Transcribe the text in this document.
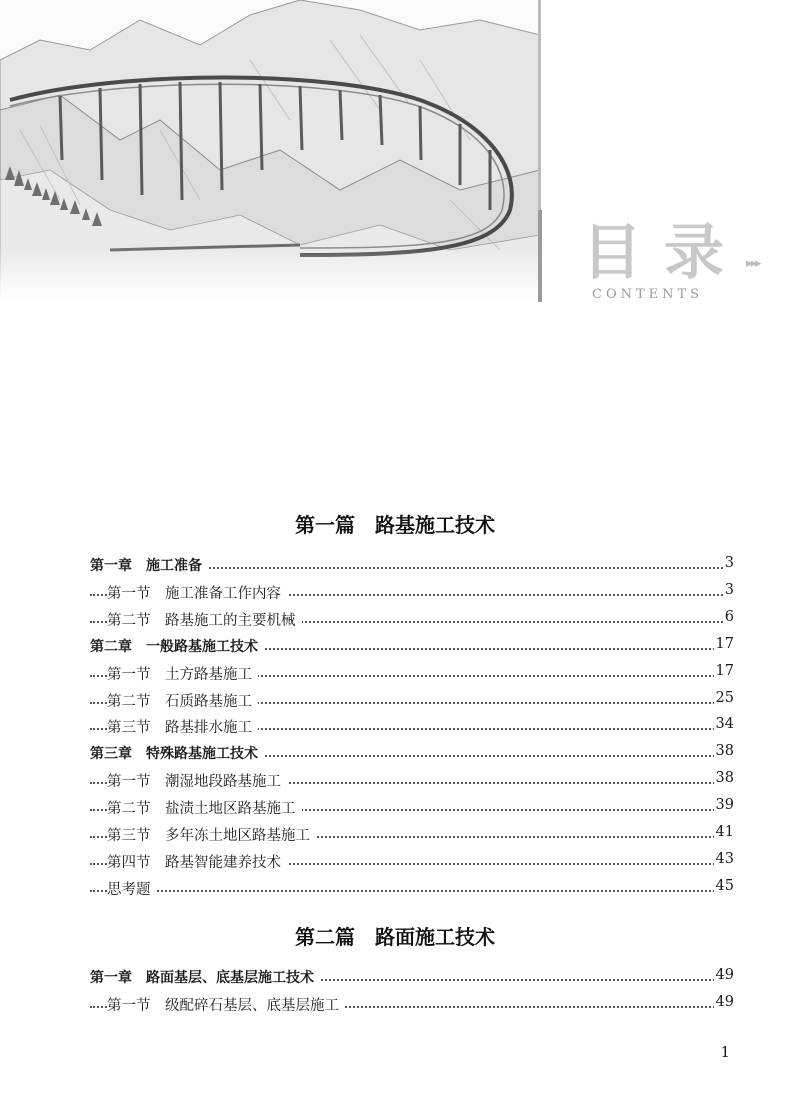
目录 ▸▸▸
CONTENTS
第一篇　路基施工技术
第一章　施工准备	3
第一节　施工准备工作内容	3
第二节　路基施工的主要机械	6
第二章　一般路基施工技术	17
第一节　土方路基施工	17
第二节　石质路基施工	25
第三节　路基排水施工	34
第三章　特殊路基施工技术	38
第一节　潮湿地段路基施工	38
第二节　盐渍土地区路基施工	39
第三节　多年冻土地区路基施工	41
第四节　路基智能建养技术	43
思考题	45
第二篇　路面施工技术
第一章　路面基层、底基层施工技术	49
第一节　级配碎石基层、底基层施工	49
1
